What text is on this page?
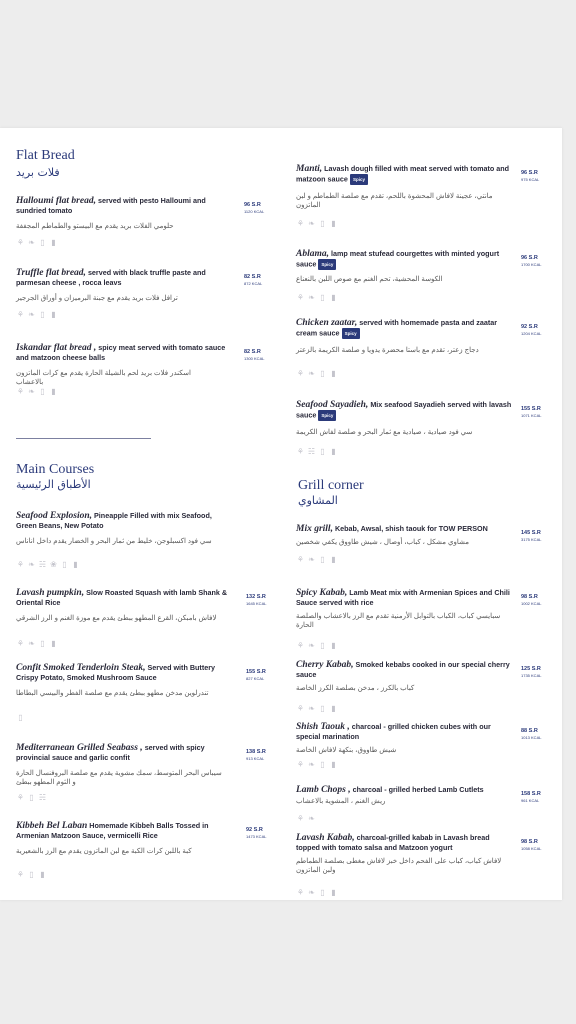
Flat Bread
فلات بريد
Halloumi flat bread, served with pesto Halloumi and sundried tomato
حلومي الفلات بريد يقدم مع البيستو والطماطم المجففة
96 S.R
1120 KCAL
⚘ ❧ ▯ ▮
Truffle flat bread, served with black truffle paste and parmesan cheese , rocca leavs
ترافل فلات بريد يقدم مع جبنة البرميزان و أوراق الجرجير
82 S.R
872 KCAL
⚘ ❧ ▯ ▮
Iskandar flat bread , spicy meat served with tomato sauce and matzoon cheese balls
اسكندر فلات بريد لحم بالشيلة الحارة يقدم مع كرات الماتزون بالاعشاب
82 S.R
1300 KCAL
⚘ ❧ ▯ ▮
Main Courses
الأطباق الرئيسية
Seafood Explosion, Pineapple Filled with mix Seafood, Green Beans, New Potato
سي فود اكسبلوجن، خليط من ثمار البحر و الخضار يقدم داخل اناناس
⚘ ❧ ☵ ❀ ▯ ▮
Lavash pumpkin, Slow Roasted Squash with lamb Shank & Oriental Rice
لافاش بامبكن، القرع المطهو ببطئ يقدم مع موزة الغنم و الرز الشرقي
132 S.R
1645 KCAL
⚘ ❧ ▯ ▮
Confit Smoked Tenderloin Steak, Served with Buttery Crispy Potato, Smoked Mushroom Sauce
تندرلوين مدخن مطهو ببطئ يقدم مع صلصة الفطر والبيسي البطاطا
155 S.R
827 KCAL
▯
Mediterranean Grilled Seabass , served with spicy provincial sauce and garlic confit
سيباس البحر المتوسط، سمك مشوية يقدم مع صلصة البروفنسال الحارة و الثوم المطهو ببطئ
138 S.R
913 KCAL
⚘ ▯ ☵
Kibbeh Bel Laban Homemade Kibbeh Balls Tossed in Armenian Matzoon Sauce, vermicelli Rice
كبة باللبن كرات الكبة مع لبن الماتزون يقدم مع الرز بالشعيرية
92 S.R
1473 KCAL
⚘ ▯ ▮
Manti, Lavash dough filled with meat served with tomato and matzoon sauce Spicy
مانتي، عجينة لافاش المحشوة باللحم، تقدم مع صلصة الطماطم و لبن الماتزون
96 S.R
975 KCAL
⚘ ❧ ▯ ▮
Ablama, lamp meat stufead courgettes with minted yogurt sauce Spicy
الكوسة المحشية، تحم الغنم مع صوص اللبن بالنعناع
96 S.R
1700 KCAL
⚘ ❧ ▯ ▮
Chicken zaatar, served with homemade pasta and zaatar cream sauce Spicy
دجاج زعتر، تقدم مع باستا محضرة يدويا و صلصة الكريمة بالزعتر
92 S.R
1204 KCAL
⚘ ❧ ▯ ▮
Seafood Sayadieh, Mix seafood Sayadieh served with lavash sauce Spicy
سي فود صيادية ، صيادية مع ثمار البحر و صلصة لفاش الكريمة
155 S.R
1071 KCAL
⚘ ☵ ▯ ▮
Grill corner
المشاوي
Mix grill, Kebab, Awsal, shish taouk for TOW PERSON
مشاوي مشكل ، كباب، أوصال ، شيش طاووق يكفي شخصين
145 S.R
3175 KCAL
⚘ ❧ ▯ ▮
Spicy Kabab, Lamb Meat mix with Armenian Spices and Chili Sauce served with rice
سبايسي كباب، الكباب بالتوابل الأرمنية تقدم مع الرز بالاعشاب والصلصة الحارة
98 S.R
1002 KCAL
⚘ ❧ ▯ ▮
Cherry Kabab, Smoked kebabs cooked in our special cherry sauce
كباب بالكرز ، مدخن بصلصة الكرز الخاصة
125 S.R
1735 KCAL
⚘ ❧ ▯ ▮
Shish Taouk , charcoal - grilled chicken cubes with our special marination
شيش طاووق، بنكهة لافاش الخاصة
88 S.R
1013 KCAL
⚘ ❧ ▯ ▮
Lamb Chops , charcoal - grilled herbed Lamb Cutlets
ريش الغنم ، المشوية بالاعشاب
158 S.R
961 KCAL
⚘ ❧
Lavash Kabab, charcoal-grilled kabab in Lavash bread topped with tomato salsa and Matzoon yogurt
لافاش كباب، كباب على الفحم داخل خبز لافاش مغطى بصلصة الطماطم ولبن الماتزون
98 S.R
1058 KCAL
⚘ ❧ ▯ ▮
